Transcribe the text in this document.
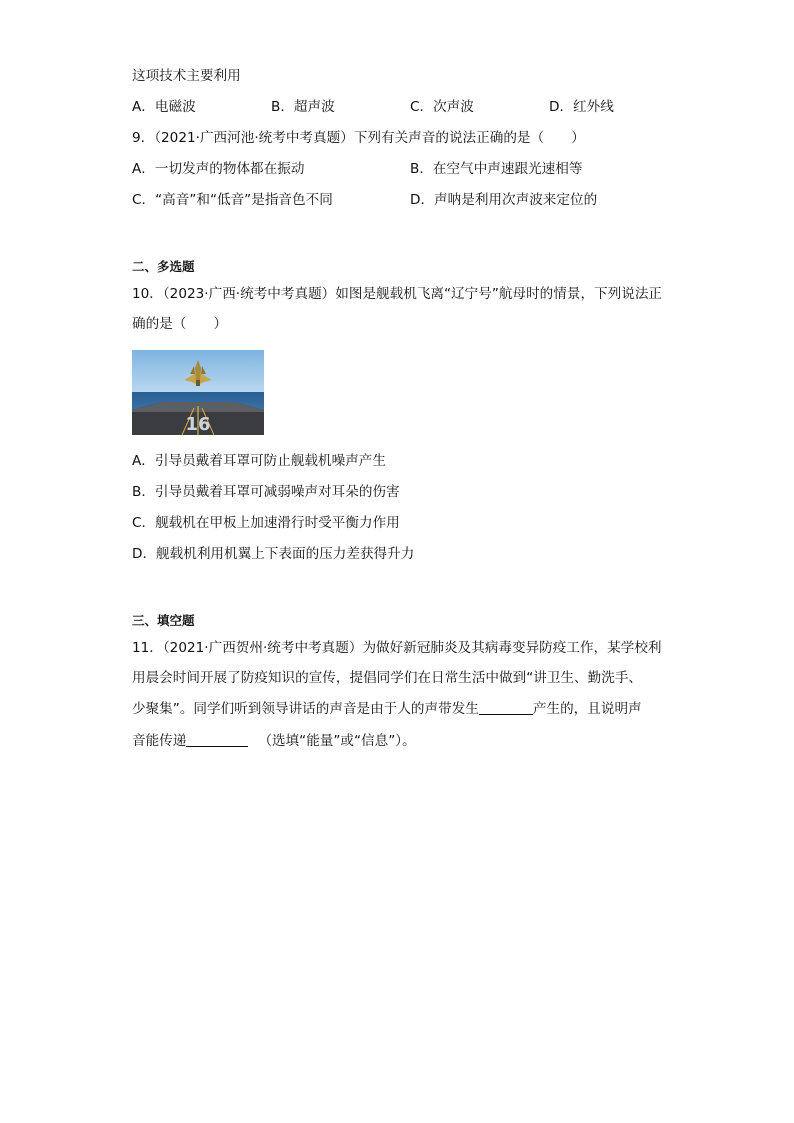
这项技术主要利用
A．电磁波	B．超声波	C．次声波	D．红外线
9．（2021·广西河池·统考中考真题）下列有关声音的说法正确的是（　　）
A．一切发声的物体都在振动	B．在空气中声速跟光速相等
C．“高音”和“低音”是指音色不同	D．声呐是利用次声波来定位的
二、多选题
10．（2023·广西·统考中考真题）如图是舰载机飞离“辽宁号”航母时的情景，下列说法正
确的是（　　）
16
A．引导员戴着耳罩可防止舰载机噪声产生
B．引导员戴着耳罩可减弱噪声对耳朵的伤害
C．舰载机在甲板上加速滑行时受平衡力作用
D．舰载机利用机翼上下表面的压力差获得升力
三、填空题
11．（2021·广西贺州·统考中考真题）为做好新冠肺炎及其病毒变异防疫工作，某学校利
用晨会时间开展了防疫知识的宣传，提倡同学们在日常生活中做到“讲卫生、勤洗手、
少聚集”。同学们听到领导讲话的声音是由于人的声带发生	产生的，且说明声
音能传递	（选填“能量”或“信息”）。
